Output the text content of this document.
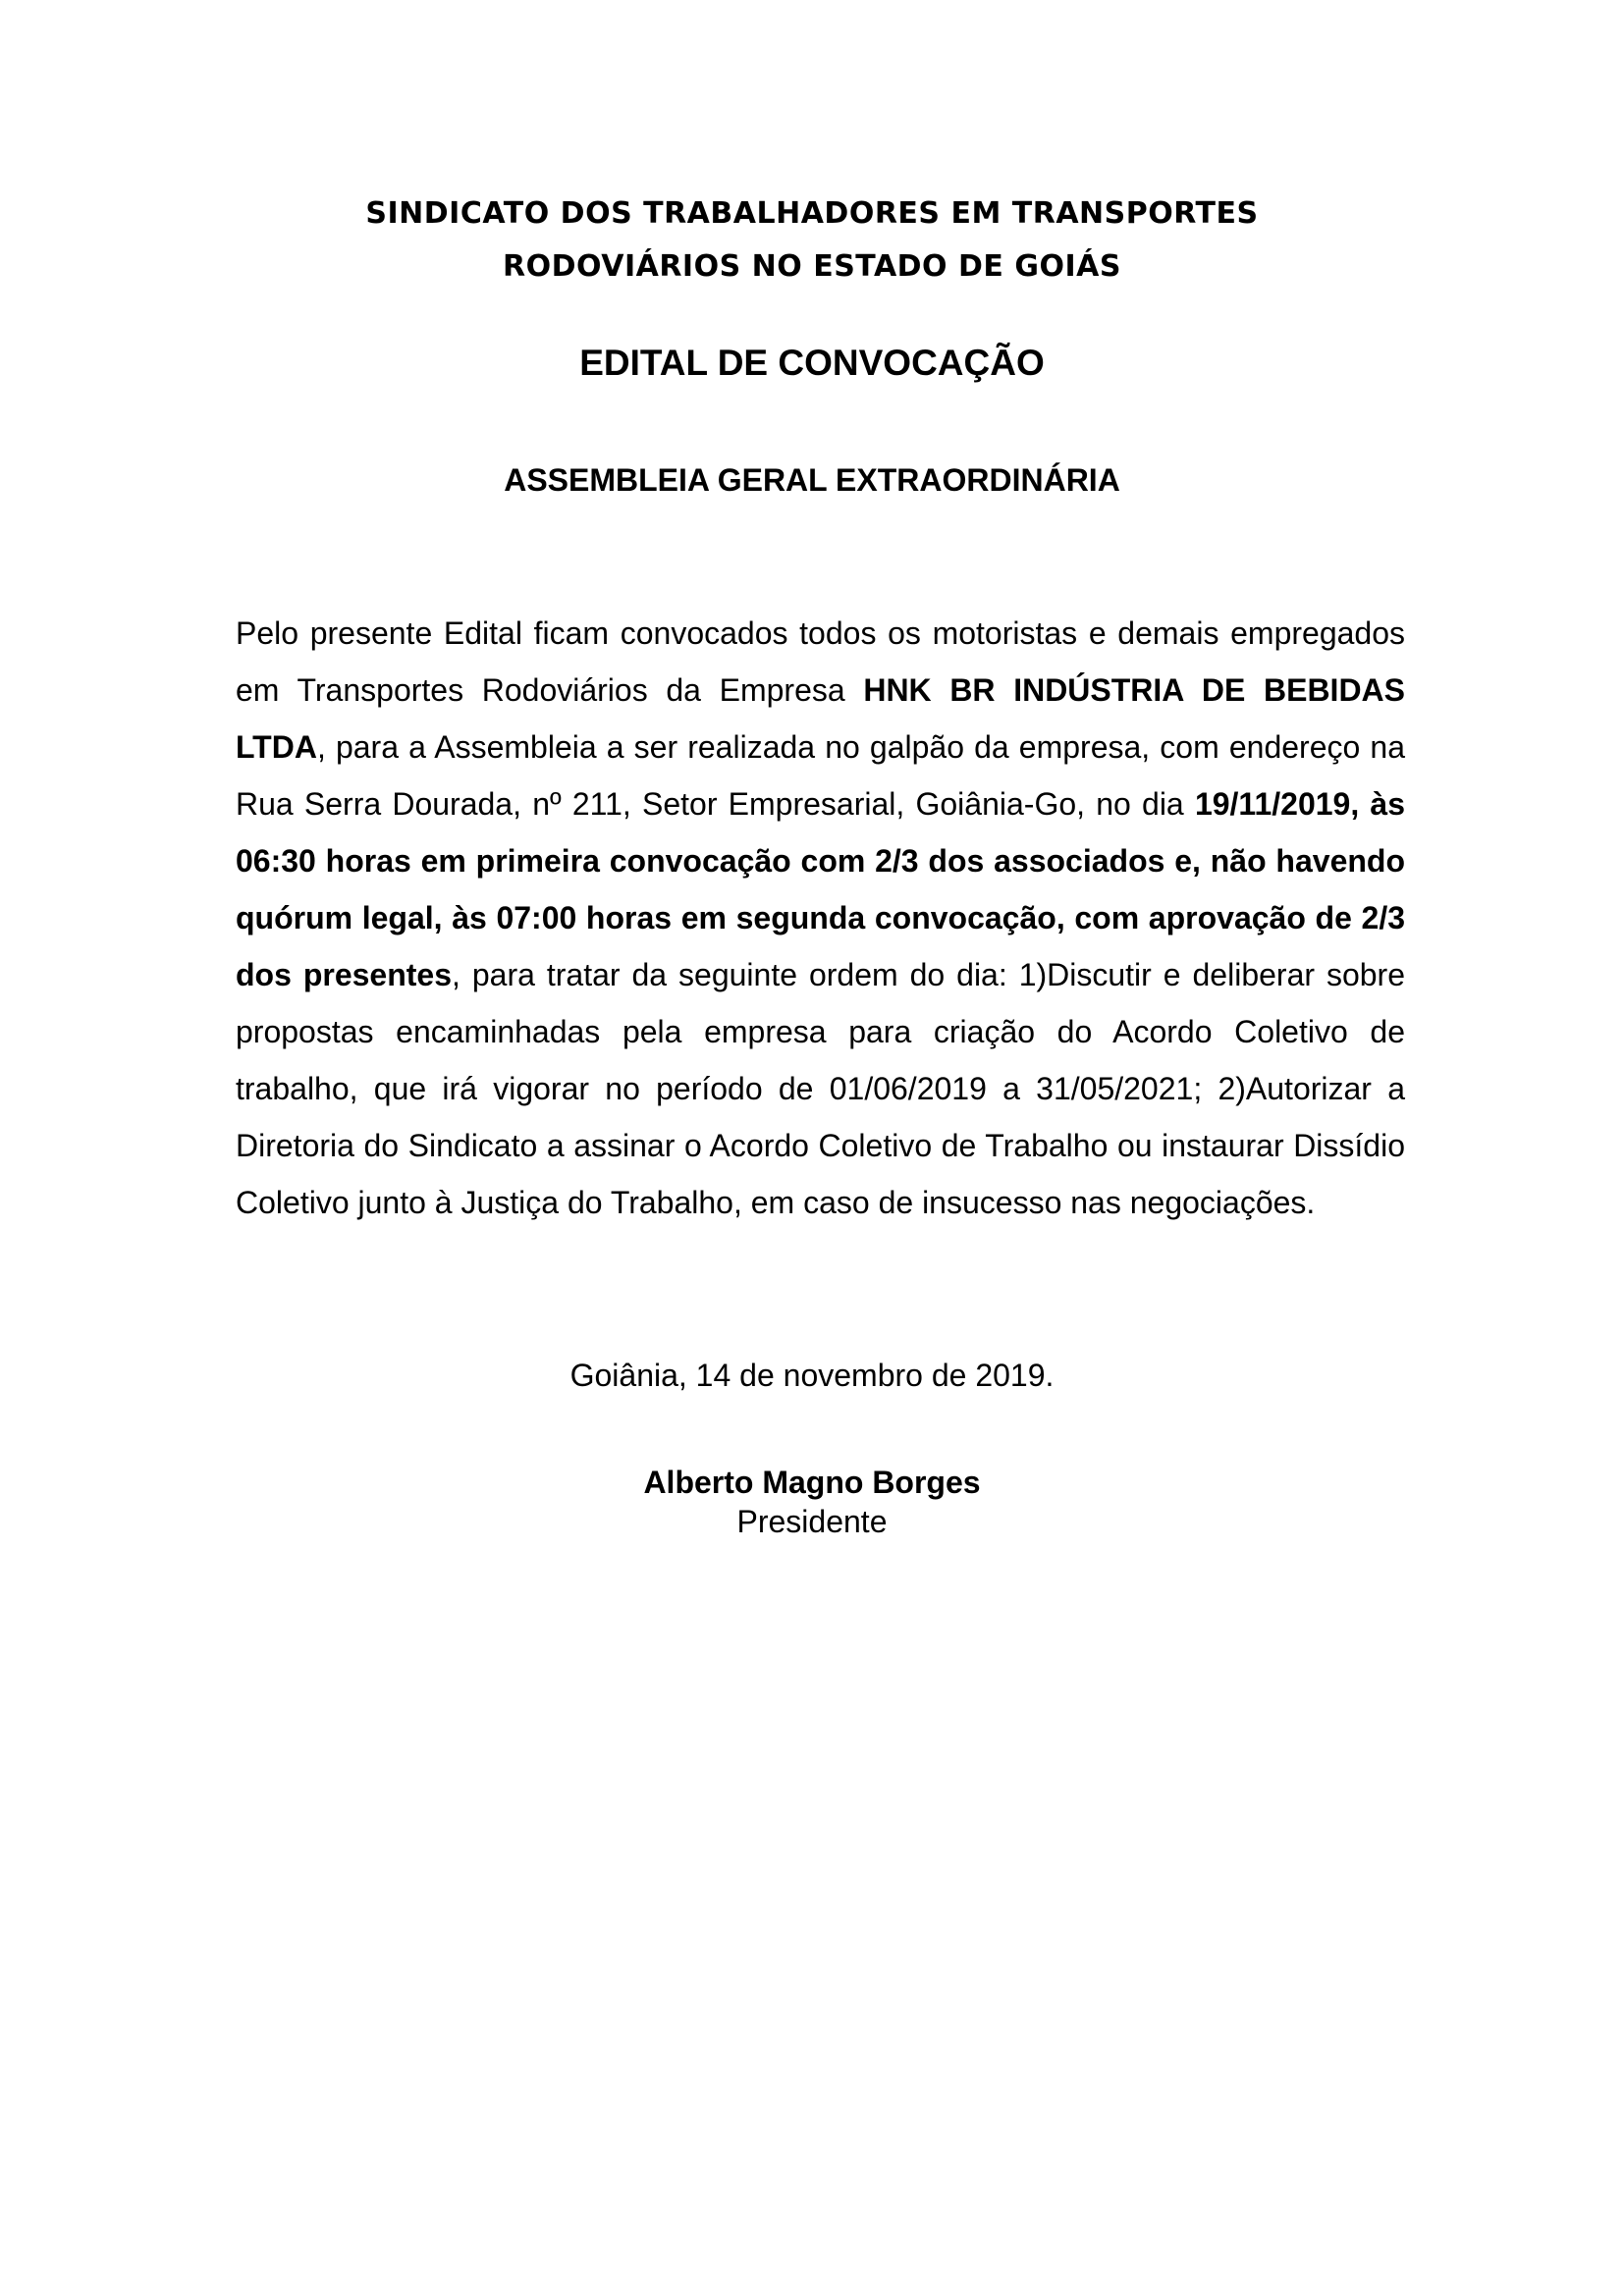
SINDICATO DOS TRABALHADORES EM TRANSPORTES
RODOVIÁRIOS NO ESTADO DE GOIÁS
EDITAL DE CONVOCAÇÃO
ASSEMBLEIA GERAL EXTRAORDINÁRIA
Pelo presente Edital ficam convocados todos os motoristas e demais empregados em Transportes Rodoviários da Empresa HNK BR INDÚSTRIA DE BEBIDAS LTDA, para a Assembleia a ser realizada no galpão da empresa, com endereço na Rua Serra Dourada, nº 211, Setor Empresarial, Goiânia-Go, no dia 19/11/2019, às 06:30 horas em primeira convocação com 2/3 dos associados e, não havendo quórum legal, às 07:00 horas em segunda convocação, com aprovação de 2/3 dos presentes, para tratar da seguinte ordem do dia: 1)Discutir e deliberar sobre propostas encaminhadas pela empresa para criação do Acordo Coletivo de trabalho, que irá vigorar no período de 01/06/2019 a 31/05/2021; 2)Autorizar a Diretoria do Sindicato a assinar o Acordo Coletivo de Trabalho ou instaurar Dissídio Coletivo junto à Justiça do Trabalho, em caso de insucesso nas negociações.
Goiânia, 14 de novembro de 2019.
Alberto Magno Borges
Presidente
